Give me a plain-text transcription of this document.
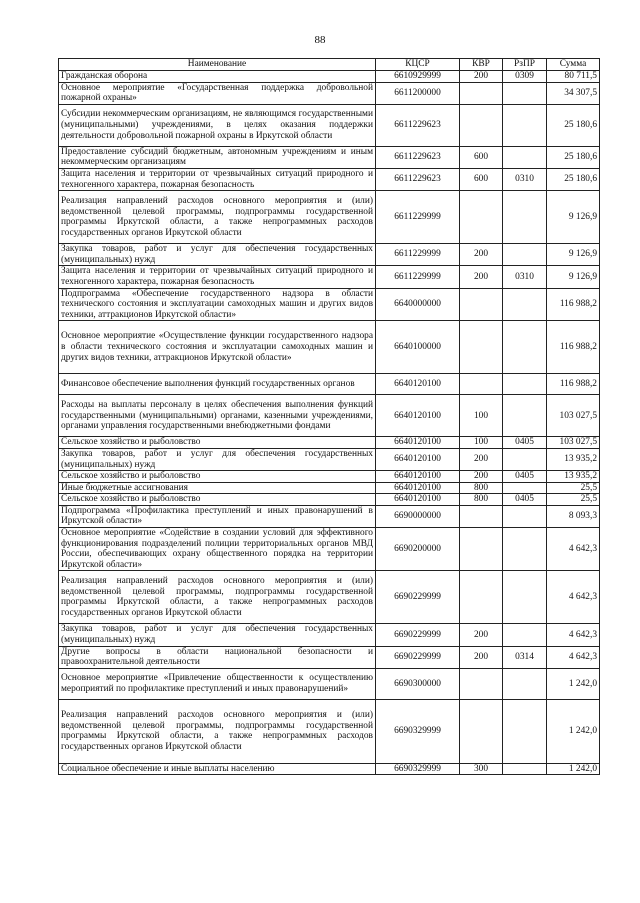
88
Наименование	КЦСР	КВР	РзПР	Сумма
Гражданская оборона	6610929999	200	0309	80 711,5
Основное мероприятие «Государственная поддержка добровольной пожарной охраны»	6611200000			34 307,5
Субсидии некоммерческим организациям, не являющимся государственными (муниципальными) учреждениями, в целях оказания поддержки деятельности добровольной пожарной охраны в Иркутской области	6611229623			25 180,6
Предоставление субсидий бюджетным, автономным учреждениям и иным некоммерческим организациям	6611229623	600		25 180,6
Защита населения и территории от чрезвычайных ситуаций природного и техногенного характера, пожарная безопасность	6611229623	600	0310	25 180,6
Реализация направлений расходов основного мероприятия и (или) ведомственной целевой программы, подпрограммы государственной программы Иркутской области, а также непрограммных расходов государственных органов Иркутской области	6611229999			9 126,9
Закупка товаров, работ и услуг для обеспечения государственных (муниципальных) нужд	6611229999	200		9 126,9
Защита населения и территории от чрезвычайных ситуаций природного и техногенного характера, пожарная безопасность	6611229999	200	0310	9 126,9
Подпрограмма «Обеспечение государственного надзора в области технического состояния и эксплуатации самоходных машин и других видов техники, аттракционов Иркутской области»	6640000000			116 988,2
Основное мероприятие «Осуществление функции государственного надзора в области технического состояния и эксплуатации самоходных машин и других видов техники, аттракционов Иркутской области»	6640100000			116 988,2
Финансовое обеспечение выполнения функций государственных органов	6640120100			116 988,2
Расходы на выплаты персоналу в целях обеспечения выполнения функций государственными (муниципальными) органами, казенными учреждениями, органами управления государственными внебюджетными фондами	6640120100	100		103 027,5
Сельское хозяйство и рыболовство	6640120100	100	0405	103 027,5
Закупка товаров, работ и услуг для обеспечения государственных (муниципальных) нужд	6640120100	200		13 935,2
Сельское хозяйство и рыболовство	6640120100	200	0405	13 935,2
Иные бюджетные ассигнования	6640120100	800		25,5
Сельское хозяйство и рыболовство	6640120100	800	0405	25,5
Подпрограмма «Профилактика преступлений и иных правонарушений в Иркутской области»	6690000000			8 093,3
Основное мероприятие «Содействие в создании условий для эффективного функционирования подразделений полиции территориальных органов МВД России, обеспечивающих охрану общественного порядка на территории Иркутской области»	6690200000			4 642,3
Реализация направлений расходов основного мероприятия и (или) ведомственной целевой программы, подпрограммы государственной программы Иркутской области, а также непрограммных расходов государственных органов Иркутской области	6690229999			4 642,3
Закупка товаров, работ и услуг для обеспечения государственных (муниципальных) нужд	6690229999	200		4 642,3
Другие вопросы в области национальной безопасности и правоохранительной деятельности	6690229999	200	0314	4 642,3
Основное мероприятие «Привлечение общественности к осуществлению мероприятий по профилактике преступлений и иных правонарушений»	6690300000			1 242,0
Реализация направлений расходов основного мероприятия и (или) ведомственной целевой программы, подпрограммы государственной программы Иркутской области, а также непрограммных расходов государственных органов Иркутской области	6690329999			1 242,0
Социальное обеспечение и иные выплаты населению	6690329999	300		1 242,0
